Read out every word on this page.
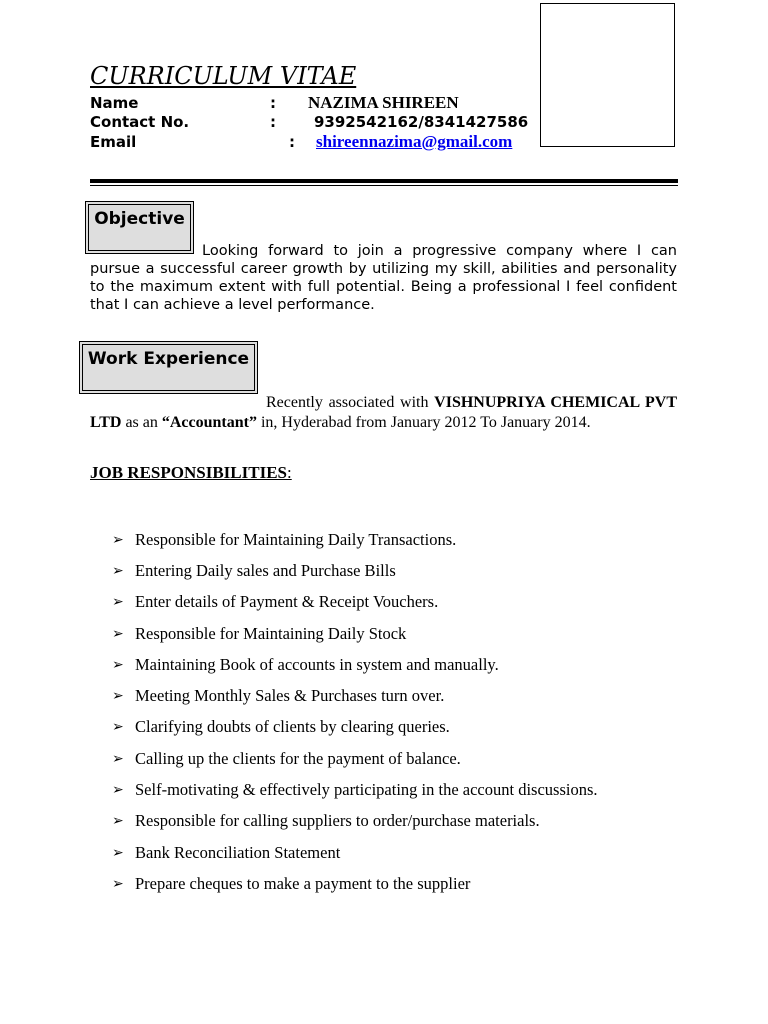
CURRICULUM VITAE
Name	: NAZIMA SHIREEN
Contact No.	:	9392542162/8341427586
Email	: shireennazima@gmail.com
Looking forward to join a progressive company where I can pursue a successful career growth by utilizing my skill, abilities and personality to the maximum extent with full potential. Being a professional I feel confident that I can achieve a level performance.
Objective
Work Experience
Recently associated with VISHNUPRIYA CHEMICAL PVT LTD as an “Accountant” in, Hyderabad from January 2012 To January 2014.
JOB RESPONSIBILITIES:
➢ Responsible for Maintaining Daily Transactions.
➢ Entering Daily sales and Purchase Bills
➢ Enter details of Payment & Receipt Vouchers.
➢ Responsible for Maintaining Daily Stock
➢ Maintaining Book of accounts in system and manually.
➢ Meeting Monthly Sales & Purchases turn over.
➢ Clarifying doubts of clients by clearing queries.
➢ Calling up the clients for the payment of balance.
➢ Self-motivating & effectively participating in the account discussions.
➢ Responsible for calling suppliers to order/purchase materials.
➢ Bank Reconciliation Statement
➢ Prepare cheques to make a payment to the supplier
